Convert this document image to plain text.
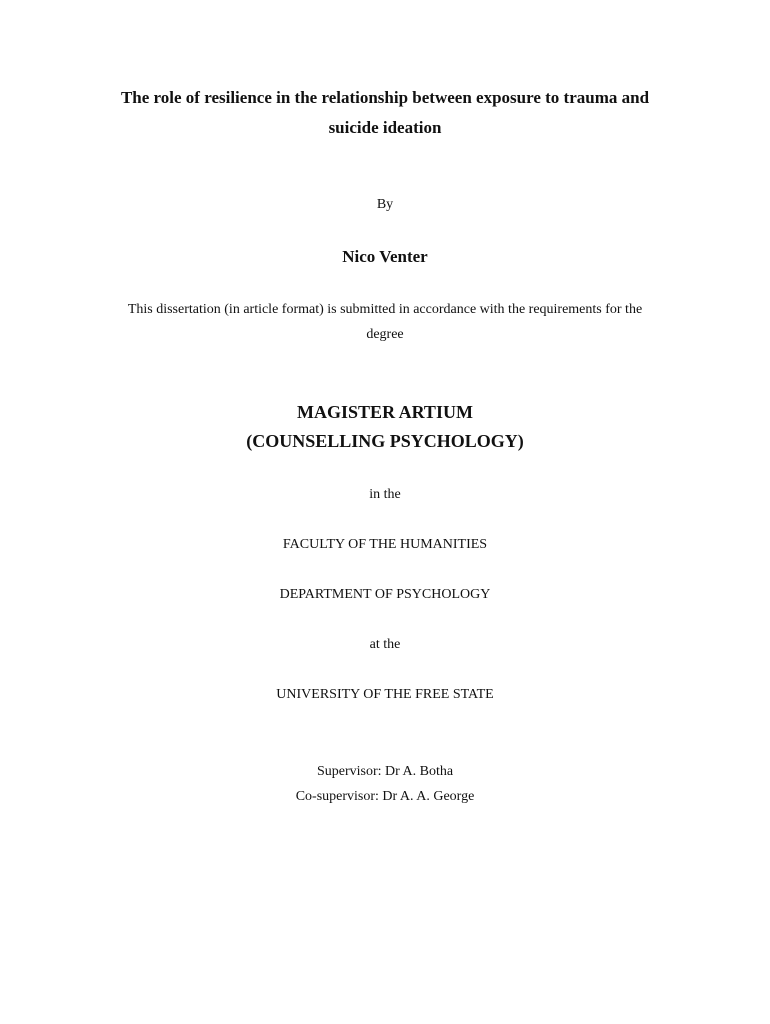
The role of resilience in the relationship between exposure to trauma and
suicide ideation
By
Nico Venter
This dissertation (in article format) is submitted in accordance with the requirements for the
degree
MAGISTER ARTIUM
(COUNSELLING PSYCHOLOGY)
in the
FACULTY OF THE HUMANITIES
DEPARTMENT OF PSYCHOLOGY
at the
UNIVERSITY OF THE FREE STATE
Supervisor: Dr A. Botha
Co-supervisor: Dr A. A. George
